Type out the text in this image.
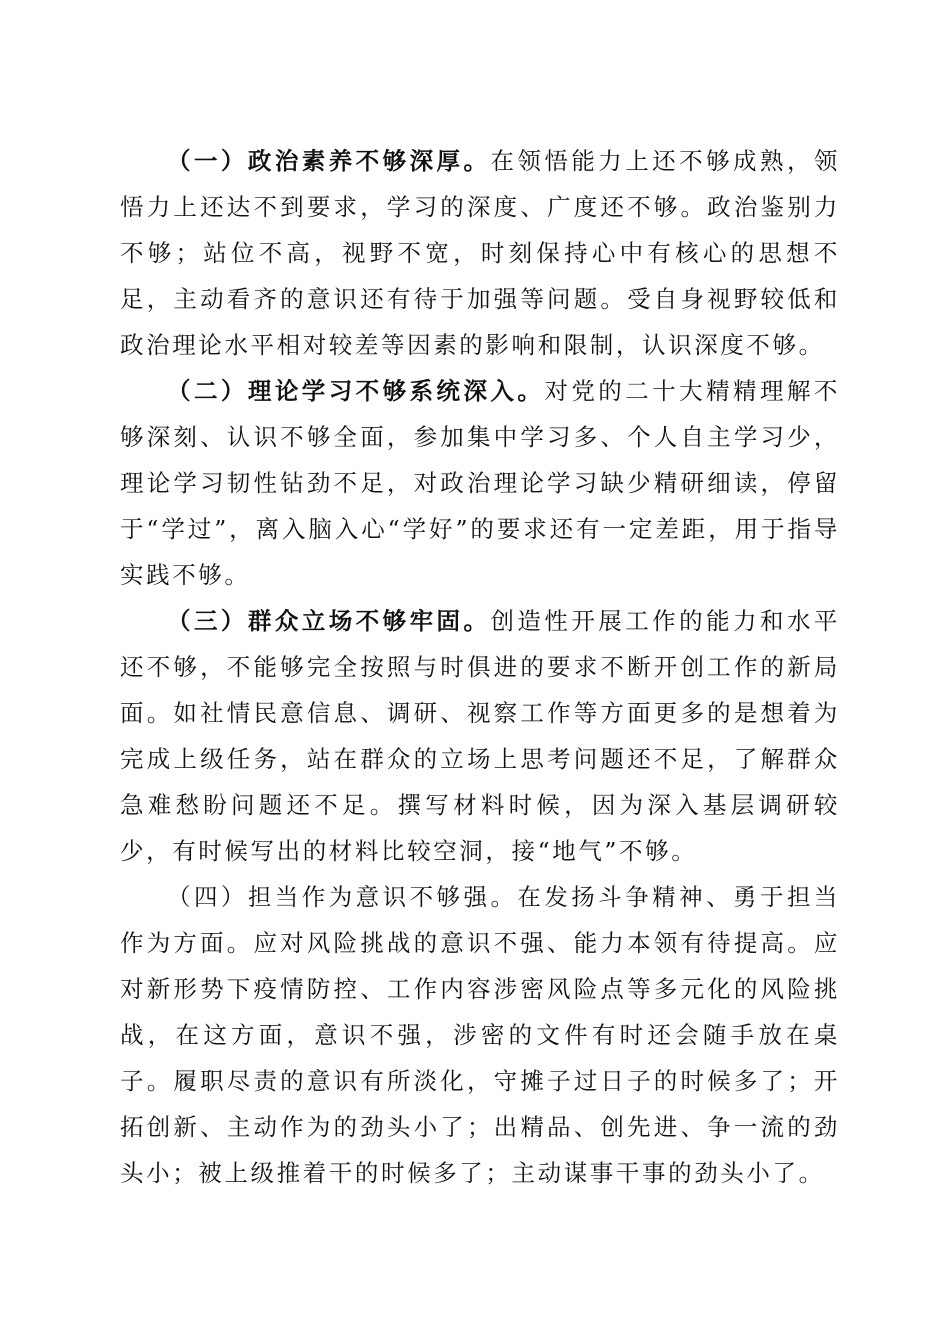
（一）政治素养不够深厚。在领悟能力上还不够成熟，领悟力上还达不到要求，学习的深度、广度还不够。政治鉴别力不够；站位不高，视野不宽，时刻保持心中有核心的思想不足，主动看齐的意识还有待于加强等问题。受自身视野较低和政治理论水平相对较差等因素的影响和限制，认识深度不够。

（二）理论学习不够系统深入。对党的二十大精精理解不够深刻、认识不够全面，参加集中学习多、个人自主学习少，理论学习韧性钻劲不足，对政治理论学习缺少精研细读，停留于“学过”，离入脑入心“学好”的要求还有一定差距，用于指导实践不够。

（三）群众立场不够牢固。创造性开展工作的能力和水平还不够，不能够完全按照与时俱进的要求不断开创工作的新局面。如社情民意信息、调研、视察工作等方面更多的是想着为完成上级任务，站在群众的立场上思考问题还不足，了解群众急难愁盼问题还不足。撰写材料时候，因为深入基层调研较少，有时候写出的材料比较空洞，接“地气”不够。

（四）担当作为意识不够强。在发扬斗争精神、勇于担当作为方面。应对风险挑战的意识不强、能力本领有待提高。应对新形势下疫情防控、工作内容涉密风险点等多元化的风险挑战，在这方面，意识不强，涉密的文件有时还会随手放在桌子。履职尽责的意识有所淡化，守摊子过日子的时候多了；开拓创新、主动作为的劲头小了；出精品、创先进、争一流的劲头小；被上级推着干的时候多了；主动谋事干事的劲头小了。
